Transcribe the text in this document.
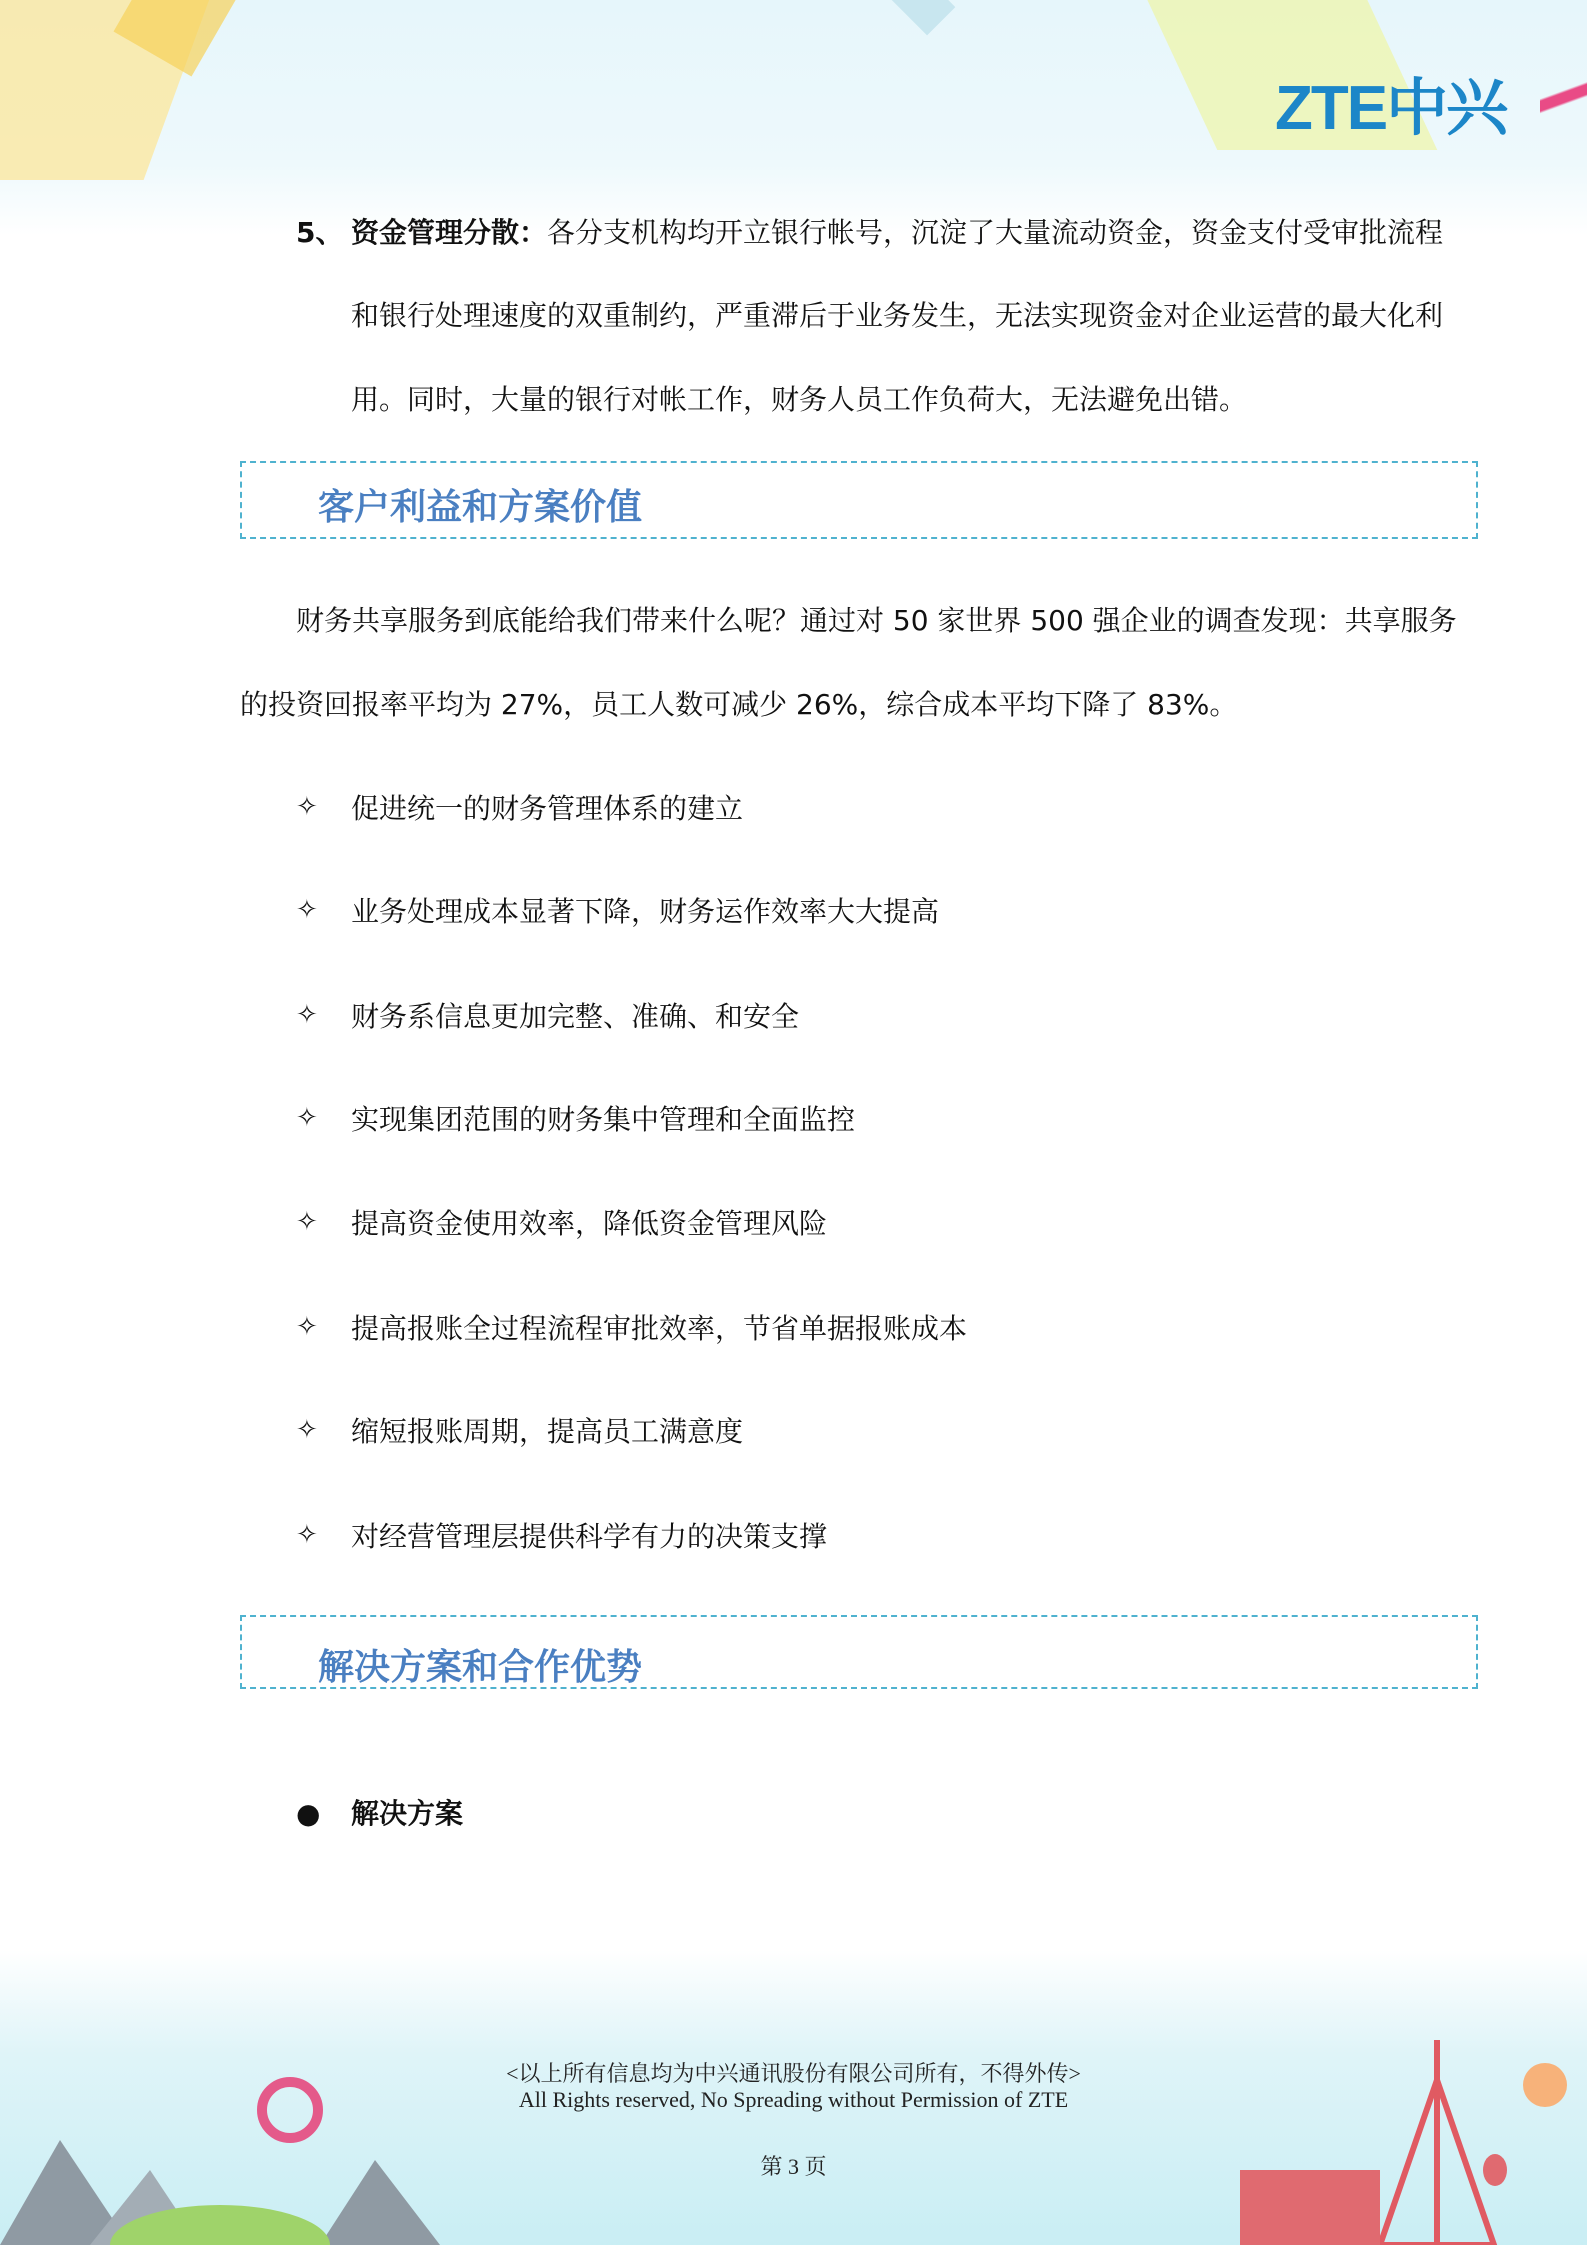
ZTE中兴
5、 资金管理分散：各分支机构均开立银行帐号，沉淀了大量流动资金，资金支付受审批流程
和银行处理速度的双重制约，严重滞后于业务发生，无法实现资金对企业运营的最大化利
用。同时，大量的银行对帐工作，财务人员工作负荷大，无法避免出错。
客户利益和方案价值
财务共享服务到底能给我们带来什么呢？通过对 50 家世界 500 强企业的调查发现：共享服务
的投资回报率平均为 27%，员工人数可减少 26%，综合成本平均下降了 83%。
✧ 促进统一的财务管理体系的建立
✧ 业务处理成本显著下降，财务运作效率大大提高
✧ 财务系信息更加完整、准确、和安全
✧ 实现集团范围的财务集中管理和全面监控
✧ 提高资金使用效率，降低资金管理风险
✧ 提高报账全过程流程审批效率，节省单据报账成本
✧ 缩短报账周期，提高员工满意度
✧ 对经营管理层提供科学有力的决策支撑
解决方案和合作优势
● 解决方案
<以上所有信息均为中兴通讯股份有限公司所有，不得外传>
All Rights reserved, No Spreading without Permission of ZTE
第 3 页
